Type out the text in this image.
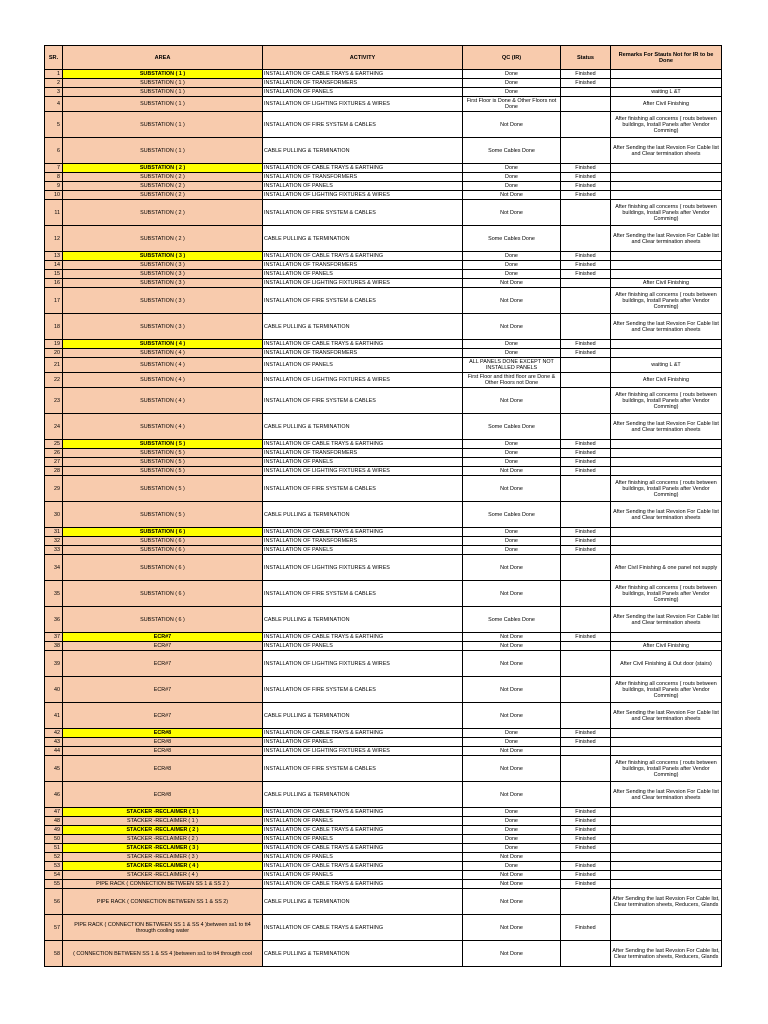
SR.	AREA	ACTIVITY	QC (IR)	Status	Remarks For Stauts Not for IR to be Done
1	SUBSTATION ( 1 )	INSTALLATION OF CABLE TRAYS & EARTHING	Done	Finished	
2	SUBSTATION ( 1 )	INSTALLATION OF TRANSFORMERS	Done	Finished	
3	SUBSTATION ( 1 )	INSTALLATION OF PANELS	Done		waiting L &T
4	SUBSTATION ( 1 )	INSTALLATION OF LIGHTING FIXTURES & WIRES	First Floor is Done & Other Floors not Done		After Civil Finishing
5	SUBSTATION ( 1 )	INSTALLATION OF FIRE SYSTEM & CABLES	Not Done		After finishing all concerns ( routs between buildings, Install Panels after Vendor Comming)
6	SUBSTATION ( 1 )	CABLE PULLING & TERMINATION	Some Cables Done		After Sending the last Revsion For Cable list and Clear termination sheets
7	SUBSTATION ( 2 )	INSTALLATION OF CABLE TRAYS & EARTHING	Done	Finished	
8	SUBSTATION ( 2 )	INSTALLATION OF TRANSFORMERS	Done	Finished	
9	SUBSTATION ( 2 )	INSTALLATION OF PANELS	Done	Finished	
10	SUBSTATION ( 2 )	INSTALLATION OF LIGHTING FIXTURES & WIRES	Not Done	Finished	
11	SUBSTATION ( 2 )	INSTALLATION OF FIRE SYSTEM & CABLES	Not Done		After finishing all concerns ( routs between buildings, Install Panels after Vendor Comming)
12	SUBSTATION ( 2 )	CABLE PULLING & TERMINATION	Some Cables Done		After Sending the last Revsion For Cable list and Clear termination sheets
13	SUBSTATION ( 3 )	INSTALLATION OF CABLE TRAYS & EARTHING	Done	Finished	
14	SUBSTATION ( 3 )	INSTALLATION OF TRANSFORMERS	Done	Finished	
15	SUBSTATION ( 3 )	INSTALLATION OF PANELS	Done	Finished	
16	SUBSTATION ( 3 )	INSTALLATION OF LIGHTING FIXTURES & WIRES	Not Done		After Civil Finishing
17	SUBSTATION ( 3 )	INSTALLATION OF FIRE SYSTEM & CABLES	Not Done		After finishing all concerns ( routs between buildings, Install Panels after Vendor Comming)
18	SUBSTATION ( 3 )	CABLE PULLING & TERMINATION	Not Done		After Sending the last Revsion For Cable list and Clear termination sheets
19	SUBSTATION ( 4 )	INSTALLATION OF CABLE TRAYS & EARTHING	Done	Finished	
20	SUBSTATION ( 4 )	INSTALLATION OF TRANSFORMERS	Done	Finished	
21	SUBSTATION ( 4 )	INSTALLATION OF PANELS	ALL PANELS DONE EXCEPT NOT INSTALLED PANELS		waiting L &T
22	SUBSTATION ( 4 )	INSTALLATION OF LIGHTING FIXTURES & WIRES	First Floor and third floor are Done & Other Floors not Done		After Civil Finishing
23	SUBSTATION ( 4 )	INSTALLATION OF FIRE SYSTEM & CABLES	Not Done		After finishing all concerns ( routs between buildings, Install Panels after Vendor Comming)
24	SUBSTATION ( 4 )	CABLE PULLING & TERMINATION	Some Cables Done		After Sending the last Revsion For Cable list and Clear termination sheets
25	SUBSTATION ( 5 )	INSTALLATION OF CABLE TRAYS & EARTHING	Done	Finished	
26	SUBSTATION ( 5 )	INSTALLATION OF TRANSFORMERS	Done	Finished	
27	SUBSTATION ( 5 )	INSTALLATION OF PANELS	Done	Finished	
28	SUBSTATION ( 5 )	INSTALLATION OF LIGHTING FIXTURES & WIRES	Not Done	Finished	
29	SUBSTATION ( 5 )	INSTALLATION OF FIRE SYSTEM & CABLES	Not Done		After finishing all concerns ( routs between buildings, Install Panels after Vendor Comming)
30	SUBSTATION ( 5 )	CABLE PULLING & TERMINATION	Some Cables Done		After Sending the last Revsion For Cable list and Clear termination sheets
31	SUBSTATION ( 6 )	INSTALLATION OF CABLE TRAYS & EARTHING	Done	Finished	
32	SUBSTATION ( 6 )	INSTALLATION OF TRANSFORMERS	Done	Finished	
33	SUBSTATION ( 6 )	INSTALLATION OF PANELS	Done	Finished	
34	SUBSTATION ( 6 )	INSTALLATION OF LIGHTING FIXTURES & WIRES	Not Done		After Civil Finishing & one panel not supply
35	SUBSTATION ( 6 )	INSTALLATION OF FIRE SYSTEM & CABLES	Not Done		After finishing all concerns ( routs between buildings, Install Panels after Vendor Comming)
36	SUBSTATION ( 6 )	CABLE PULLING & TERMINATION	Some Cables Done		After Sending the last Revsion For Cable list and Clear termination sheets
37	ECR#7	INSTALLATION OF CABLE TRAYS & EARTHING	Not Done	Finished	
38	ECR#7	INSTALLATION OF PANELS	Not Done		After Civil Finishing
39	ECR#7	INSTALLATION OF LIGHTING FIXTURES & WIRES	Not Done		After Civil Finishing & Out door (stairs)
40	ECR#7	INSTALLATION OF FIRE SYSTEM & CABLES	Not Done		After finishing all concerns ( routs between buildings, Install Panels after Vendor Comming)
41	ECR#7	CABLE PULLING & TERMINATION	Not Done		After Sending the last Revsion For Cable list and Clear termination sheets
42	ECR#8	INSTALLATION OF CABLE TRAYS & EARTHING	Done	Finished	
43	ECR#8	INSTALLATION OF PANELS	Done	Finished	
44	ECR#8	INSTALLATION OF LIGHTING FIXTURES & WIRES	Not Done		
45	ECR#8	INSTALLATION OF FIRE SYSTEM & CABLES	Not Done		After finishing all concerns ( routs between buildings, Install Panels after Vendor Comming)
46	ECR#8	CABLE PULLING & TERMINATION	Not Done		After Sending the last Revsion For Cable list and Clear termination sheets
47	STACKER -RECLAIMER ( 1 )	INSTALLATION OF CABLE TRAYS & EARTHING	Done	Finished	
48	STACKER -RECLAIMER ( 1 )	INSTALLATION OF PANELS	Done	Finished	
49	STACKER -RECLAIMER ( 2 )	INSTALLATION OF CABLE TRAYS & EARTHING	Done	Finished	
50	STACKER -RECLAIMER ( 2 )	INSTALLATION OF PANELS	Done	Finished	
51	STACKER -RECLAIMER ( 3 )	INSTALLATION OF CABLE TRAYS & EARTHING	Done	Finished	
52	STACKER -RECLAIMER ( 3 )	INSTALLATION OF PANELS	Not Done		
53	STACKER -RECLAIMER ( 4 )	INSTALLATION OF CABLE TRAYS & EARTHING	Done	Finished	
54	STACKER -RECLAIMER ( 4 )	INSTALLATION OF PANELS	Not Done	Finished	
55	PIPE RACK ( CONNECTION BETWEEN SS 1 & SS 2 )	INSTALLATION OF CABLE TRAYS & EARTHING	Not Done	Finished	
56	PIPE RACK ( CONNECTION BETWEEN SS 1 & SS 2)	CABLE PULLING & TERMINATION	Not Done		After Sending the last Revsion For Cable list, Clear termination sheets, Reducers, Glands
57	PIPE RACK ( CONNECTION BETWEEN SS 1 & SS 4 )between ss1 to tt4 througth cooling water	INSTALLATION OF CABLE TRAYS & EARTHING	Not Done	Finished	
58	( CONNECTION BETWEEN SS 1 & SS 4 )between ss1 to tt4 througth cool	CABLE PULLING & TERMINATION	Not Done		After Sending the last Revsion For Cable list, Clear termination sheets, Reducers, Glands
